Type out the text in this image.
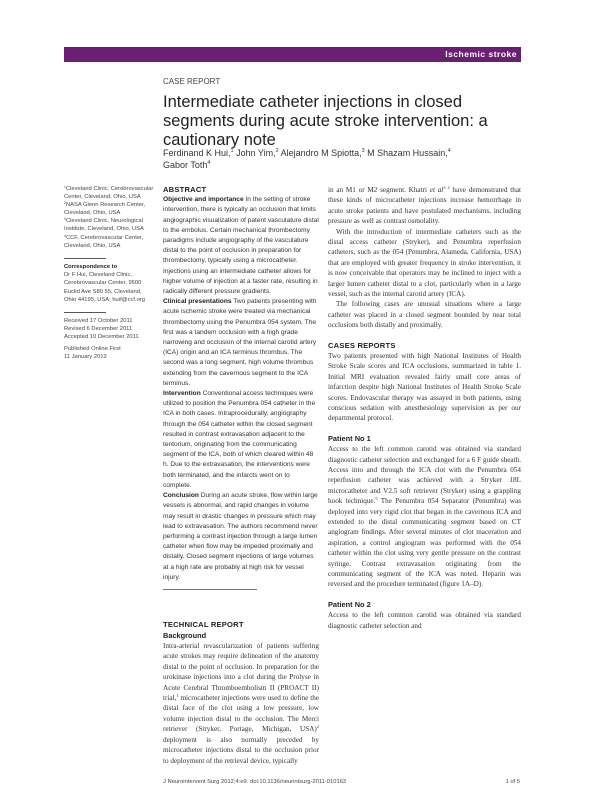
Ischemic stroke
CASE REPORT
Intermediate catheter injections in closed segments during acute stroke intervention: a cautionary note
Ferdinand K Hui,$^1$ John Yim,$^2$ Alejandro M Spiotta,$^3$ M Shazam Hussain,$^4$
Gabor Toth$^4$
$^1$Cleveland Clinic, Cerebrovascular Center, Cleveland, Ohio, USA
$^2$NASA Glenn Research Center, Cleveland, Ohio, USA
$^3$Cleveland Clinic, Neurological Institute, Cleveland, Ohio, USA
$^4$CCF, Cerebrovascular Center, Cleveland, Ohio, USA
Correspondence to
Dr F Hui, Cleveland Clinic, Cerebrovascular Center, 9500 Euclid Ave S80 55, Cleveland, Ohio 44195, USA; huif@ccf.org
Received 17 October 2011
Revised 6 December 2011
Accepted 10 December 2011

Published Online First
11 January 2012
ABSTRACT

Objective and importance In the setting of stroke intervention, there is typically an occlusion that limits angiographic visualization of patent vasculature distal to the embolus. Certain mechanical thrombectomy paradigms include angiography of the vasculature distal to the point of occlusion in preparation for thrombectomy, typically using a microcatheter. Injections using an intermediate catheter allows for higher volume of injection at a faster rate, resulting in radically different pressure gradients.

Clinical presentations Two patients presenting with acute ischemic stroke were treated via mechanical thrombectomy using the Penumbra 054 system. The first was a tandem occlusion with a high grade narrowing and occlusion of the internal carotid artery (ICA) origin and an ICA terminus thrombus. The second was a long segment, high volume thrombus extending from the cavernous segment to the ICA terminus.

Intervention Conventional access techniques were utilized to position the Penumbra 054 catheter in the ICA in both cases. Intraprocedurally, angiography through the 054 catheter within the closed segment resulted in contrast extravasation adjacent to the tentorium, originating from the communicating segment of the ICA, both of which cleared within 48 h. Due to the extravasation, the interventions were both terminated, and the infarcts went on to complete.

Conclusion During an acute stroke, flow within large vessels is abnormal, and rapid changes in volume may result in drastic changes in pressure which may lead to extravasation. The authors recommend never performing a contrast injection through a large lumen catheter when flow may be impeded proximally and distally. Closed segment injections of large volumes at a high rate are probably at high risk for vessel injury.

TECHNICAL REPORT
Background

Intra-arterial revascularization of patients suffering acute strokes may require delineation of the anatomy distal to the point of occlusion. In preparation for the urokinase injections into a clot during the Prolyse in Acute Cerebral Thromboembolism II (PROACT II) trial,$^1$ microcatheter injections were used to define the distal face of the clot using a low pressure, low volume injection distal to the occlusion. The Merci retriever (Stryker, Portage, Michigan, USA)$^2$ deployment is also normally preceded by microcatheter injections distal to the occlusion prior to deployment of the retrieval device, typically

in an M1 or M2 segment. Khatri et $al^{3 4}$ have demonstrated that these kinds of microcatheter injections increase hemorrhage in acute stroke patients and have postulated mechanisms, including pressure as well as contrast osmolality.

With the introduction of intermediate catheters such as the distal access catheter (Stryker), and Penumbra reperfusion catheters, such as the 054 (Penumbra, Alameda, California, USA) that are employed with greater frequency in stroke intervention, it is now conceivable that operators may be inclined to inject with a larger lumen catheter distal to a clot, particularly when in a large vessel, such as the internal carotid artery (ICA).

The following cases are unusual situations where a large catheter was placed in a closed segment bounded by near total occlusions both distally and proximally.

CASES REPORTS

Two patients presented with high National Institutes of Health Stroke Scale scores and ICA occlusions, summarized in table 1. Initial MRI evaluation revealed fairly small core areas of infarction despite high National Institutes of Health Stroke Scale scores. Endovascular therapy was assayed in both patients, using conscious sedation with anesthesiology supervision as per our departmental protocol.

Patient No 1

Access to the left common carotid was obtained via standard diagnostic catheter selection and exchanged for a 6 F guide sheath. Access into and through the ICA clot with the Penumbra 054 reperfusion catheter was achieved with a Stryker 18L microcatheter and V2.5 soft retriever (Stryker) using a grappling hook technique.$^5$ The Penumbra 054 Separator (Penumbra) was deployed into very rigid clot that began in the cavernous ICA and extended to the distal communicating segment based on CT angiogram findings. After several minutes of clot maceration and aspiration, a control angiogram was performed with the 054 catheter within the clot using very gentle pressure on the contrast syringe. Contrast extravasation originating from the communicating segment of the ICA was noted. Heparin was reversed and the procedure terminated (figure 1A–D).

Patient No 2

Access to the left common carotid was obtained via standard diagnostic catheter selection and

J Neurointervent Surg 2012;4:e9. doi:10.1136/neurintsurg-2011-010163	1 of 5
